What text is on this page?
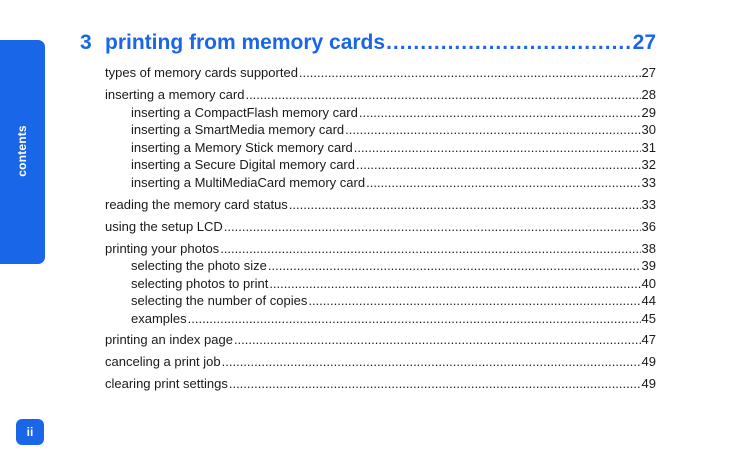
contents
ii
3 printing from memory cards .....	27
types of memory cards supported .....	27
inserting a memory card .....	28
inserting a CompactFlash memory card .....	29
inserting a SmartMedia memory card .....	30
inserting a Memory Stick memory card .....	31
inserting a Secure Digital memory card .....	32
inserting a MultiMediaCard memory card .....	33
reading the memory card status .....	33
using the setup LCD .....	36
printing your photos .....	38
selecting the photo size .....	39
selecting photos to print .....	40
selecting the number of copies .....	44
examples .....	45
printing an index page .....	47
canceling a print job .....	49
clearing print settings .....	49
